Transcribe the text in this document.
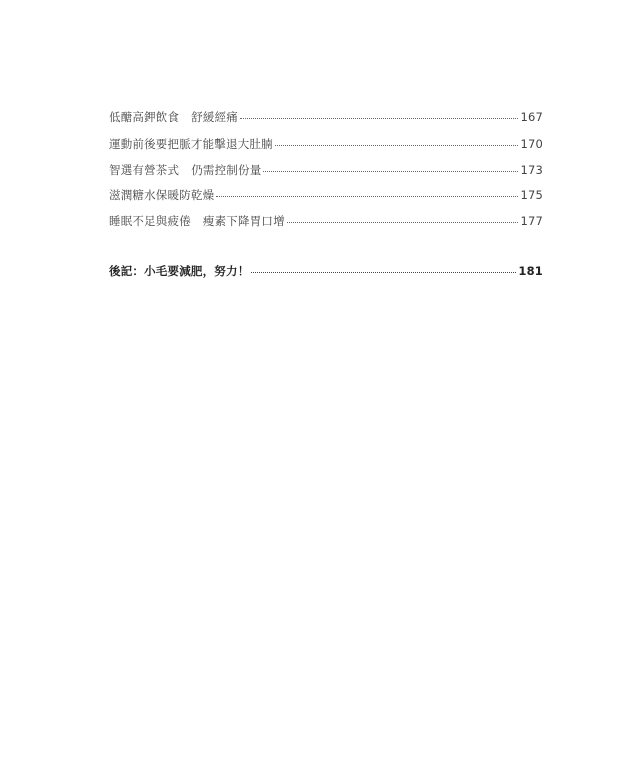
低醣高鉀飲食 舒緩經痛	167
運動前後要把脈才能擊退大肚腩	170
智選有營茶式 仍需控制份量	173
滋潤糖水保暖防乾燥	175
睡眠不足與疲倦 瘦素下降胃口增	177
後記：小毛要減肥，努力！	181
